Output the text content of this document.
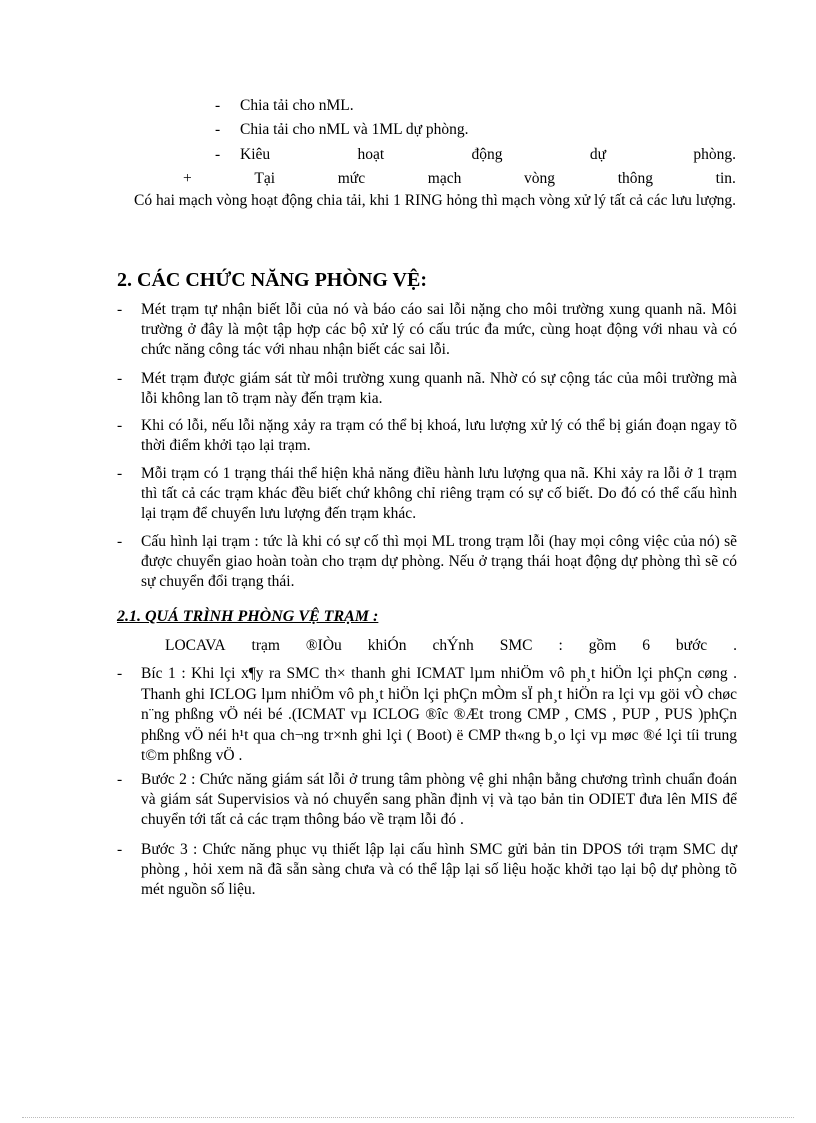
- Chia tải cho nML.
- Chia tải cho nML và 1ML dự phòng.
- Kiêu	hoạt	động	dự	phòng.
+	Tại	mức	mạch	vòng	thông	tin.
Có hai mạch vòng hoạt động chia tải, khi 1 RING hỏng thì mạch vòng xử lý tất cả các lưu lượng.
2. CÁC CHỨC NĂNG PHÒNG VỆ:
- Mét trạm tự nhận biết lỗi của nó và báo cáo sai lỗi nặng cho môi trường xung quanh nã. Môi trường ở đây là một tập hợp các bộ xử lý có cấu trúc đa mức, cùng hoạt động với nhau và có chức năng công tác với nhau nhận biết các sai lỗi.
- Mét trạm được giám sát từ môi trường xung quanh nã. Nhờ có sự cộng tác của môi trường mà lỗi không lan tõ trạm này đến trạm kia.
- Khi có lỗi, nếu lỗi nặng xảy ra trạm có thể bị khoá, lưu lượng xử lý có thể bị gián đoạn ngay tõ thời điểm khởi tạo lại trạm.
- Mỗi trạm có 1 trạng thái thể hiện khả năng điều hành lưu lượng qua nã. Khi xảy ra lỗi ở 1 trạm thì tất cả các trạm khác đều biết chứ không chỉ riêng trạm có sự cố biết. Do đó có thể cấu hình lại trạm để chuyển lưu lượng đến trạm khác.
- Cấu hình lại trạm : tức là khi có sự cố thì mọi ML trong trạm lỗi (hay mọi công việc của nó) sẽ được chuyển giao hoàn toàn cho trạm dự phòng. Nếu ở trạng thái hoạt động dự phòng thì sẽ có sự chuyển đổi trạng thái.
2.1. QUÁ TRÌNH PHÒNG VỆ TRẠM :
LOCAVA trạm ®IÒu khiÓn chÝnh SMC : gồm 6 bước .
- Bíc 1 : Khi lçi x¶y ra SMC th× thanh ghi ICMAT lµm nhiÖm vô ph¸t hiÖn lçi phÇn cøng . Thanh ghi ICLOG lµm nhiÖm vô ph¸t hiÖn lçi phÇn mÒm sÏ ph¸t hiÖn ra lçi vµ göi vÒ chøc n¨ng phßng vÖ néi bé .(ICMAT vµ ICLOG ®îc ®Æt trong CMP , CMS , PUP , PUS )phÇn phßng vÖ néi h¹t qua ch¬ng tr×nh ghi lçi ( Boot) ë CMP th«ng b¸o lçi vµ møc ®é lçi tíi trung t©m phßng vÖ .
- Bước 2 : Chức năng giám sát lỗi ở trung tâm phòng vệ ghi nhận bằng chương trình chuẩn đoán và giám sát Supervisios và nó chuyển sang phần định vị và tạo bản tin ODIET đưa lên MIS để chuyển tới tất cả các trạm thông báo về trạm lỗi đó .
- Bước 3 : Chức năng phục vụ thiết lập lại cấu hình SMC gửi bản tin DPOS tới trạm SMC dự phòng , hỏi xem nã đã sẵn sàng chưa và có thể lập lại số liệu hoặc khởi tạo lại bộ dự phòng tõ mét nguồn số liệu.
